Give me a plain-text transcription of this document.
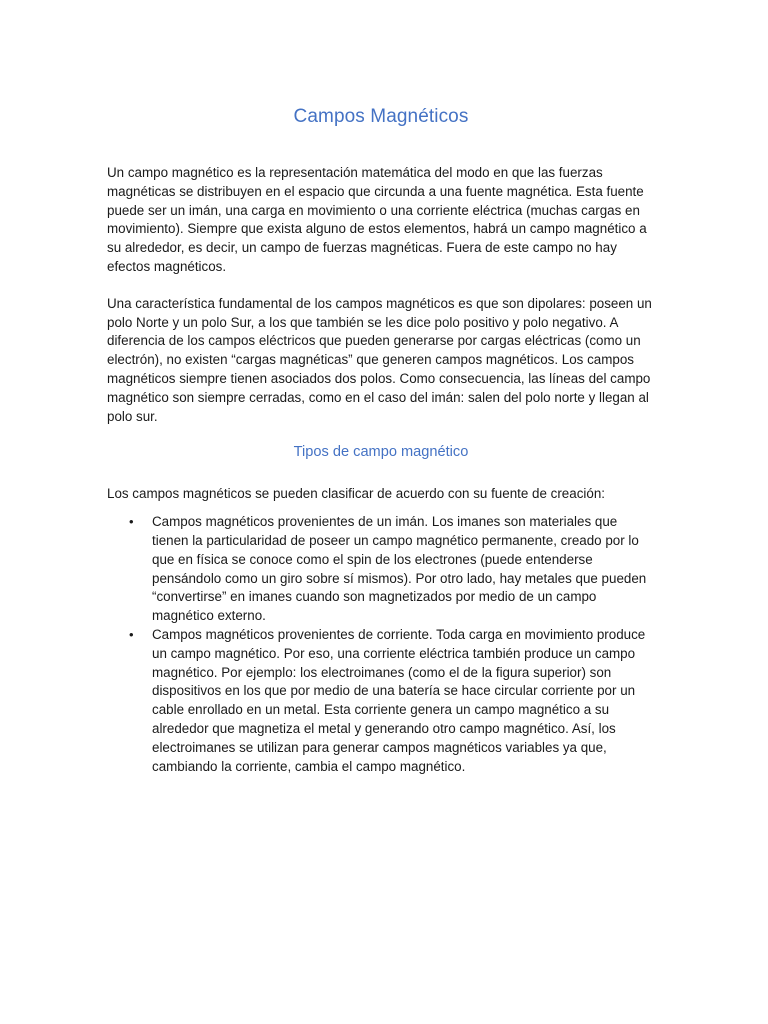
Campos Magnéticos

Un campo magnético es la representación matemática del modo en que las fuerzas magnéticas se distribuyen en el espacio que circunda a una fuente magnética. Esta fuente puede ser un imán, una carga en movimiento o una corriente eléctrica (muchas cargas en movimiento). Siempre que exista alguno de estos elementos, habrá un campo magnético a su alrededor, es decir, un campo de fuerzas magnéticas. Fuera de este campo no hay efectos magnéticos.

Una característica fundamental de los campos magnéticos es que son dipolares: poseen un polo Norte y un polo Sur, a los que también se les dice polo positivo y polo negativo. A diferencia de los campos eléctricos que pueden generarse por cargas eléctricas (como un electrón), no existen “cargas magnéticas” que generen campos magnéticos. Los campos magnéticos siempre tienen asociados dos polos. Como consecuencia, las líneas del campo magnético son siempre cerradas, como en el caso del imán: salen del polo norte y llegan al polo sur.

Tipos de campo magnético

Los campos magnéticos se pueden clasificar de acuerdo con su fuente de creación:

• Campos magnéticos provenientes de un imán. Los imanes son materiales que tienen la particularidad de poseer un campo magnético permanente, creado por lo que en física se conoce como el spin de los electrones (puede entenderse pensándolo como un giro sobre sí mismos). Por otro lado, hay metales que pueden “convertirse” en imanes cuando son magnetizados por medio de un campo magnético externo.
• Campos magnéticos provenientes de corriente. Toda carga en movimiento produce un campo magnético. Por eso, una corriente eléctrica también produce un campo magnético. Por ejemplo: los electroimanes (como el de la figura superior) son dispositivos en los que por medio de una batería se hace circular corriente por un cable enrollado en un metal. Esta corriente genera un campo magnético a su alrededor que magnetiza el metal y generando otro campo magnético. Así, los electroimanes se utilizan para generar campos magnéticos variables ya que, cambiando la corriente, cambia el campo magnético.
